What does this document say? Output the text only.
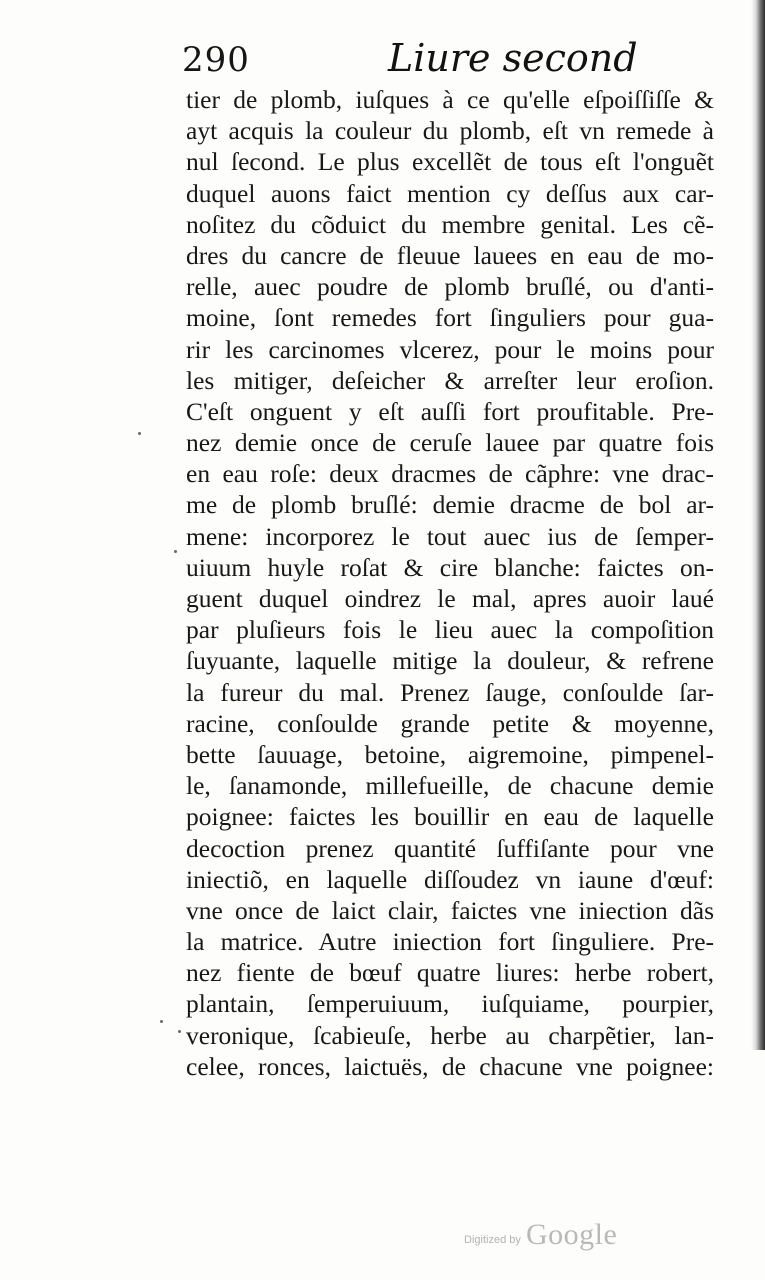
290	Liure second
tier de plomb, iuſques à ce qu'elle eſpoiſſiſſe &
ayt acquis la couleur du plomb, eſt vn remede à
nul ſecond. Le plus excellẽt de tous eſt l'onguẽt
duquel auons faict mention cy deſſus aux car-
noſitez du cõduict du membre genital. Les cẽ-
dres du cancre de fleuue lauees en eau de mo-
relle, auec poudre de plomb bruſlé, ou d'anti-
moine, ſont remedes fort ſinguliers pour gua-
rir les carcinomes vlcerez, pour le moins pour
les mitiger, deſeicher & arreſter leur eroſion.
C'eſt onguent y eſt auſſi fort proufitable. Pre-
nez demie once de ceruſe lauee par quatre fois
en eau roſe: deux dracmes de cãphre: vne drac-
me de plomb bruſlé: demie dracme de bol ar-
mene: incorporez le tout auec ius de ſemper-
uiuum huyle roſat & cire blanche: faictes on-
guent duquel oindrez le mal, apres auoir laué
par pluſieurs fois le lieu auec la compoſition
ſuyuante, laquelle mitige la douleur, & refrene
la fureur du mal. Prenez ſauge, conſoulde ſar-
racine, conſoulde grande petite & moyenne,
bette ſauuage, betoine, aigremoine, pimpenel-
le, ſanamonde, millefueille, de chacune demie
poignee: faictes les bouillir en eau de laquelle
decoction prenez quantité ſuffiſante pour vne
iniectiõ, en laquelle diſſoudez vn iaune d'œuf:
vne once de laict clair, faictes vne iniection dãs
la matrice. Autre iniection fort ſinguliere. Pre-
nez fiente de bœuf quatre liures: herbe robert,
plantain, ſemperuiuum, iuſquiame, pourpier,
veronique, ſcabieuſe, herbe au charpẽtier, lan-
celee, ronces, laictuës, de chacune vne poignee:
Digitized by Google
